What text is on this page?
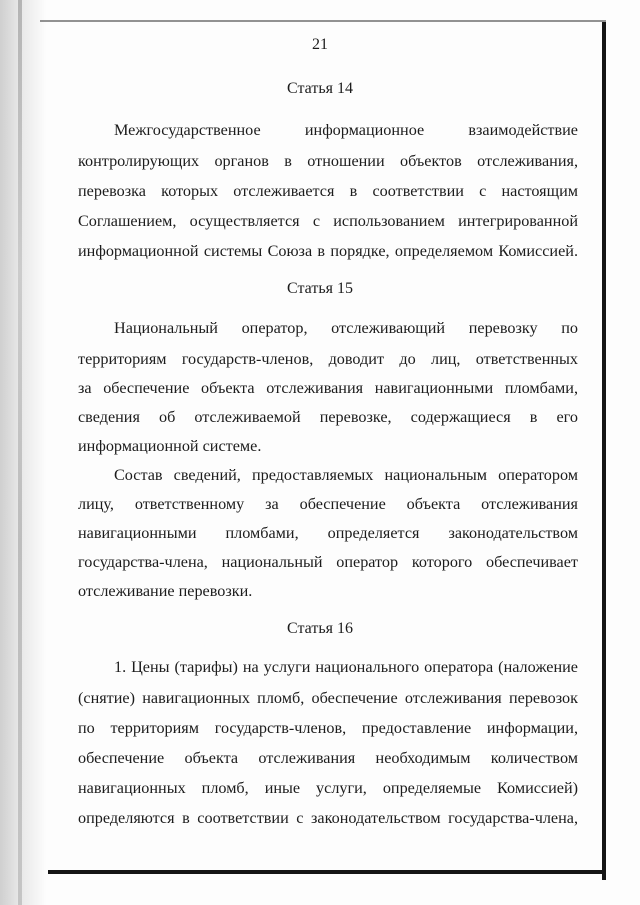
21
Статья 14
Межгосударственное информационное взаимодействие
контролирующих органов в отношении объектов отслеживания,
перевозка которых отслеживается в соответствии с настоящим
Соглашением, осуществляется с использованием интегрированной
информационной системы Союза в порядке, определяемом Комиссией.
Статья 15
Национальный оператор, отслеживающий перевозку по
территориям государств-членов, доводит до лиц, ответственных
за обеспечение объекта отслеживания навигационными пломбами,
сведения об отслеживаемой перевозке, содержащиеся в его
информационной системе.
Состав сведений, предоставляемых национальным оператором
лицу, ответственному за обеспечение объекта отслеживания
навигационными пломбами, определяется законодательством
государства-члена, национальный оператор которого обеспечивает
отслеживание перевозки.
Статья 16
1. Цены (тарифы) на услуги национального оператора (наложение
(снятие) навигационных пломб, обеспечение отслеживания перевозок
по территориям государств-членов, предоставление информации,
обеспечение объекта отслеживания необходимым количеством
навигационных пломб, иные услуги, определяемые Комиссией)
определяются в соответствии с законодательством государства-члена,
